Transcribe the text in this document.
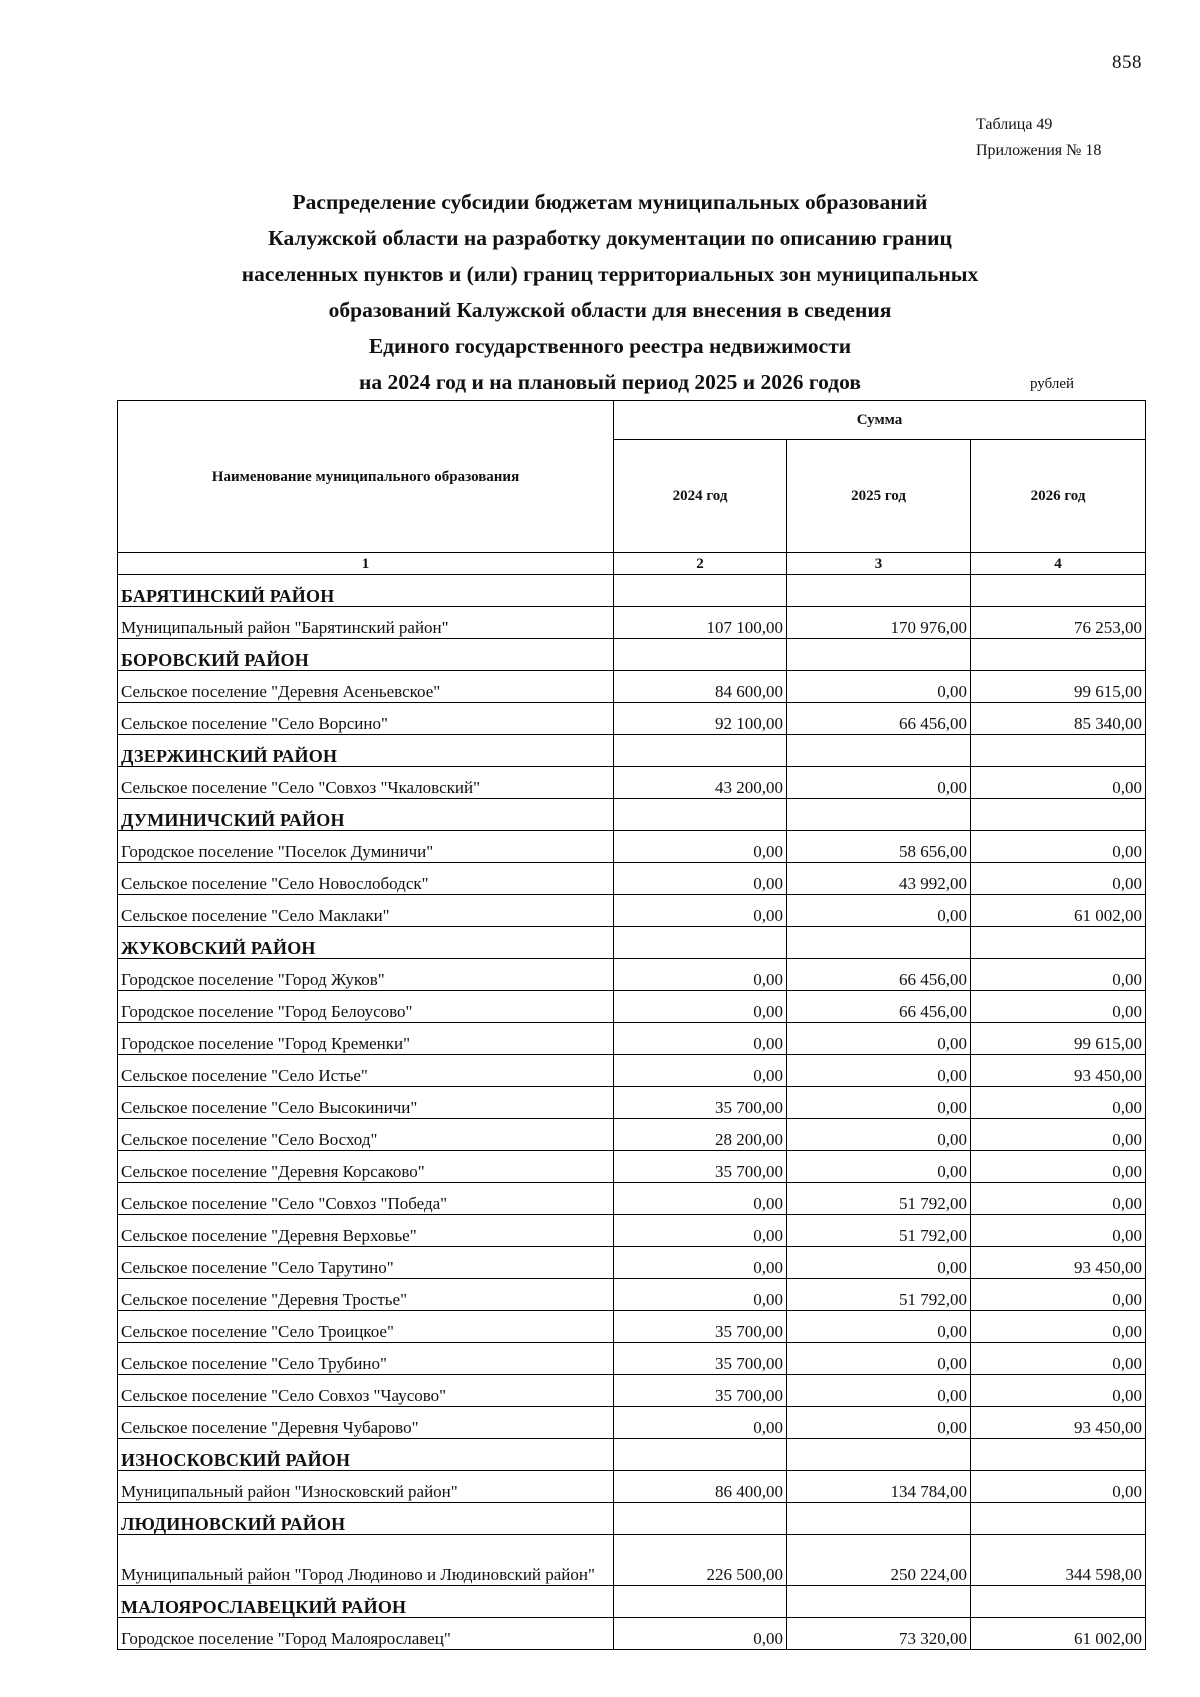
858
Таблица 49
Приложения № 18
Распределение субсидии бюджетам муниципальных образований
Калужской области на разработку документации по описанию границ
населенных пунктов и (или) границ территориальных зон муниципальных
образований Калужской области для внесения в сведения
Единого государственного реестра недвижимости
на 2024 год и на плановый период 2025 и 2026 годов	рублей
Наименование муниципального образования	Сумма		
	2024 год	2025 год	2026 год
1	2	3	4
БАРЯТИНСКИЙ РАЙОН			
Муниципальный район "Барятинский район"	107 100,00	170 976,00	76 253,00
БОРОВСКИЙ РАЙОН			
Сельское поселение "Деревня Асеньевское"	84 600,00	0,00	99 615,00
Сельское поселение "Село Ворсино"	92 100,00	66 456,00	85 340,00
ДЗЕРЖИНСКИЙ РАЙОН			
Сельское поселение "Село "Совхоз "Чкаловский"	43 200,00	0,00	0,00
ДУМИНИЧСКИЙ РАЙОН			
Городское поселение "Поселок Думиничи"	0,00	58 656,00	0,00
Сельское поселение "Село Новослободск"	0,00	43 992,00	0,00
Сельское поселение "Село Маклаки"	0,00	0,00	61 002,00
ЖУКОВСКИЙ РАЙОН			
Городское поселение "Город Жуков"	0,00	66 456,00	0,00
Городское поселение "Город Белоусово"	0,00	66 456,00	0,00
Городское поселение "Город Кременки"	0,00	0,00	99 615,00
Сельское поселение "Село Истье"	0,00	0,00	93 450,00
Сельское поселение "Село Высокиничи"	35 700,00	0,00	0,00
Сельское поселение "Село Восход"	28 200,00	0,00	0,00
Сельское поселение "Деревня Корсаково"	35 700,00	0,00	0,00
Сельское поселение "Село "Совхоз "Победа"	0,00	51 792,00	0,00
Сельское поселение "Деревня Верховье"	0,00	51 792,00	0,00
Сельское поселение "Село Тарутино"	0,00	0,00	93 450,00
Сельское поселение "Деревня Тростье"	0,00	51 792,00	0,00
Сельское поселение "Село Троицкое"	35 700,00	0,00	0,00
Сельское поселение "Село Трубино"	35 700,00	0,00	0,00
Сельское поселение "Село Совхоз "Чаусово"	35 700,00	0,00	0,00
Сельское поселение "Деревня Чубарово"	0,00	0,00	93 450,00
ИЗНОСКОВСКИЙ РАЙОН			
Муниципальный район "Износковский район"	86 400,00	134 784,00	0,00
ЛЮДИНОВСКИЙ РАЙОН			
Муниципальный район "Город Людиново и Людиновский район"	226 500,00	250 224,00	344 598,00
МАЛОЯРОСЛАВЕЦКИЙ РАЙОН			
Городское поселение "Город Малоярославец"	0,00	73 320,00	61 002,00
